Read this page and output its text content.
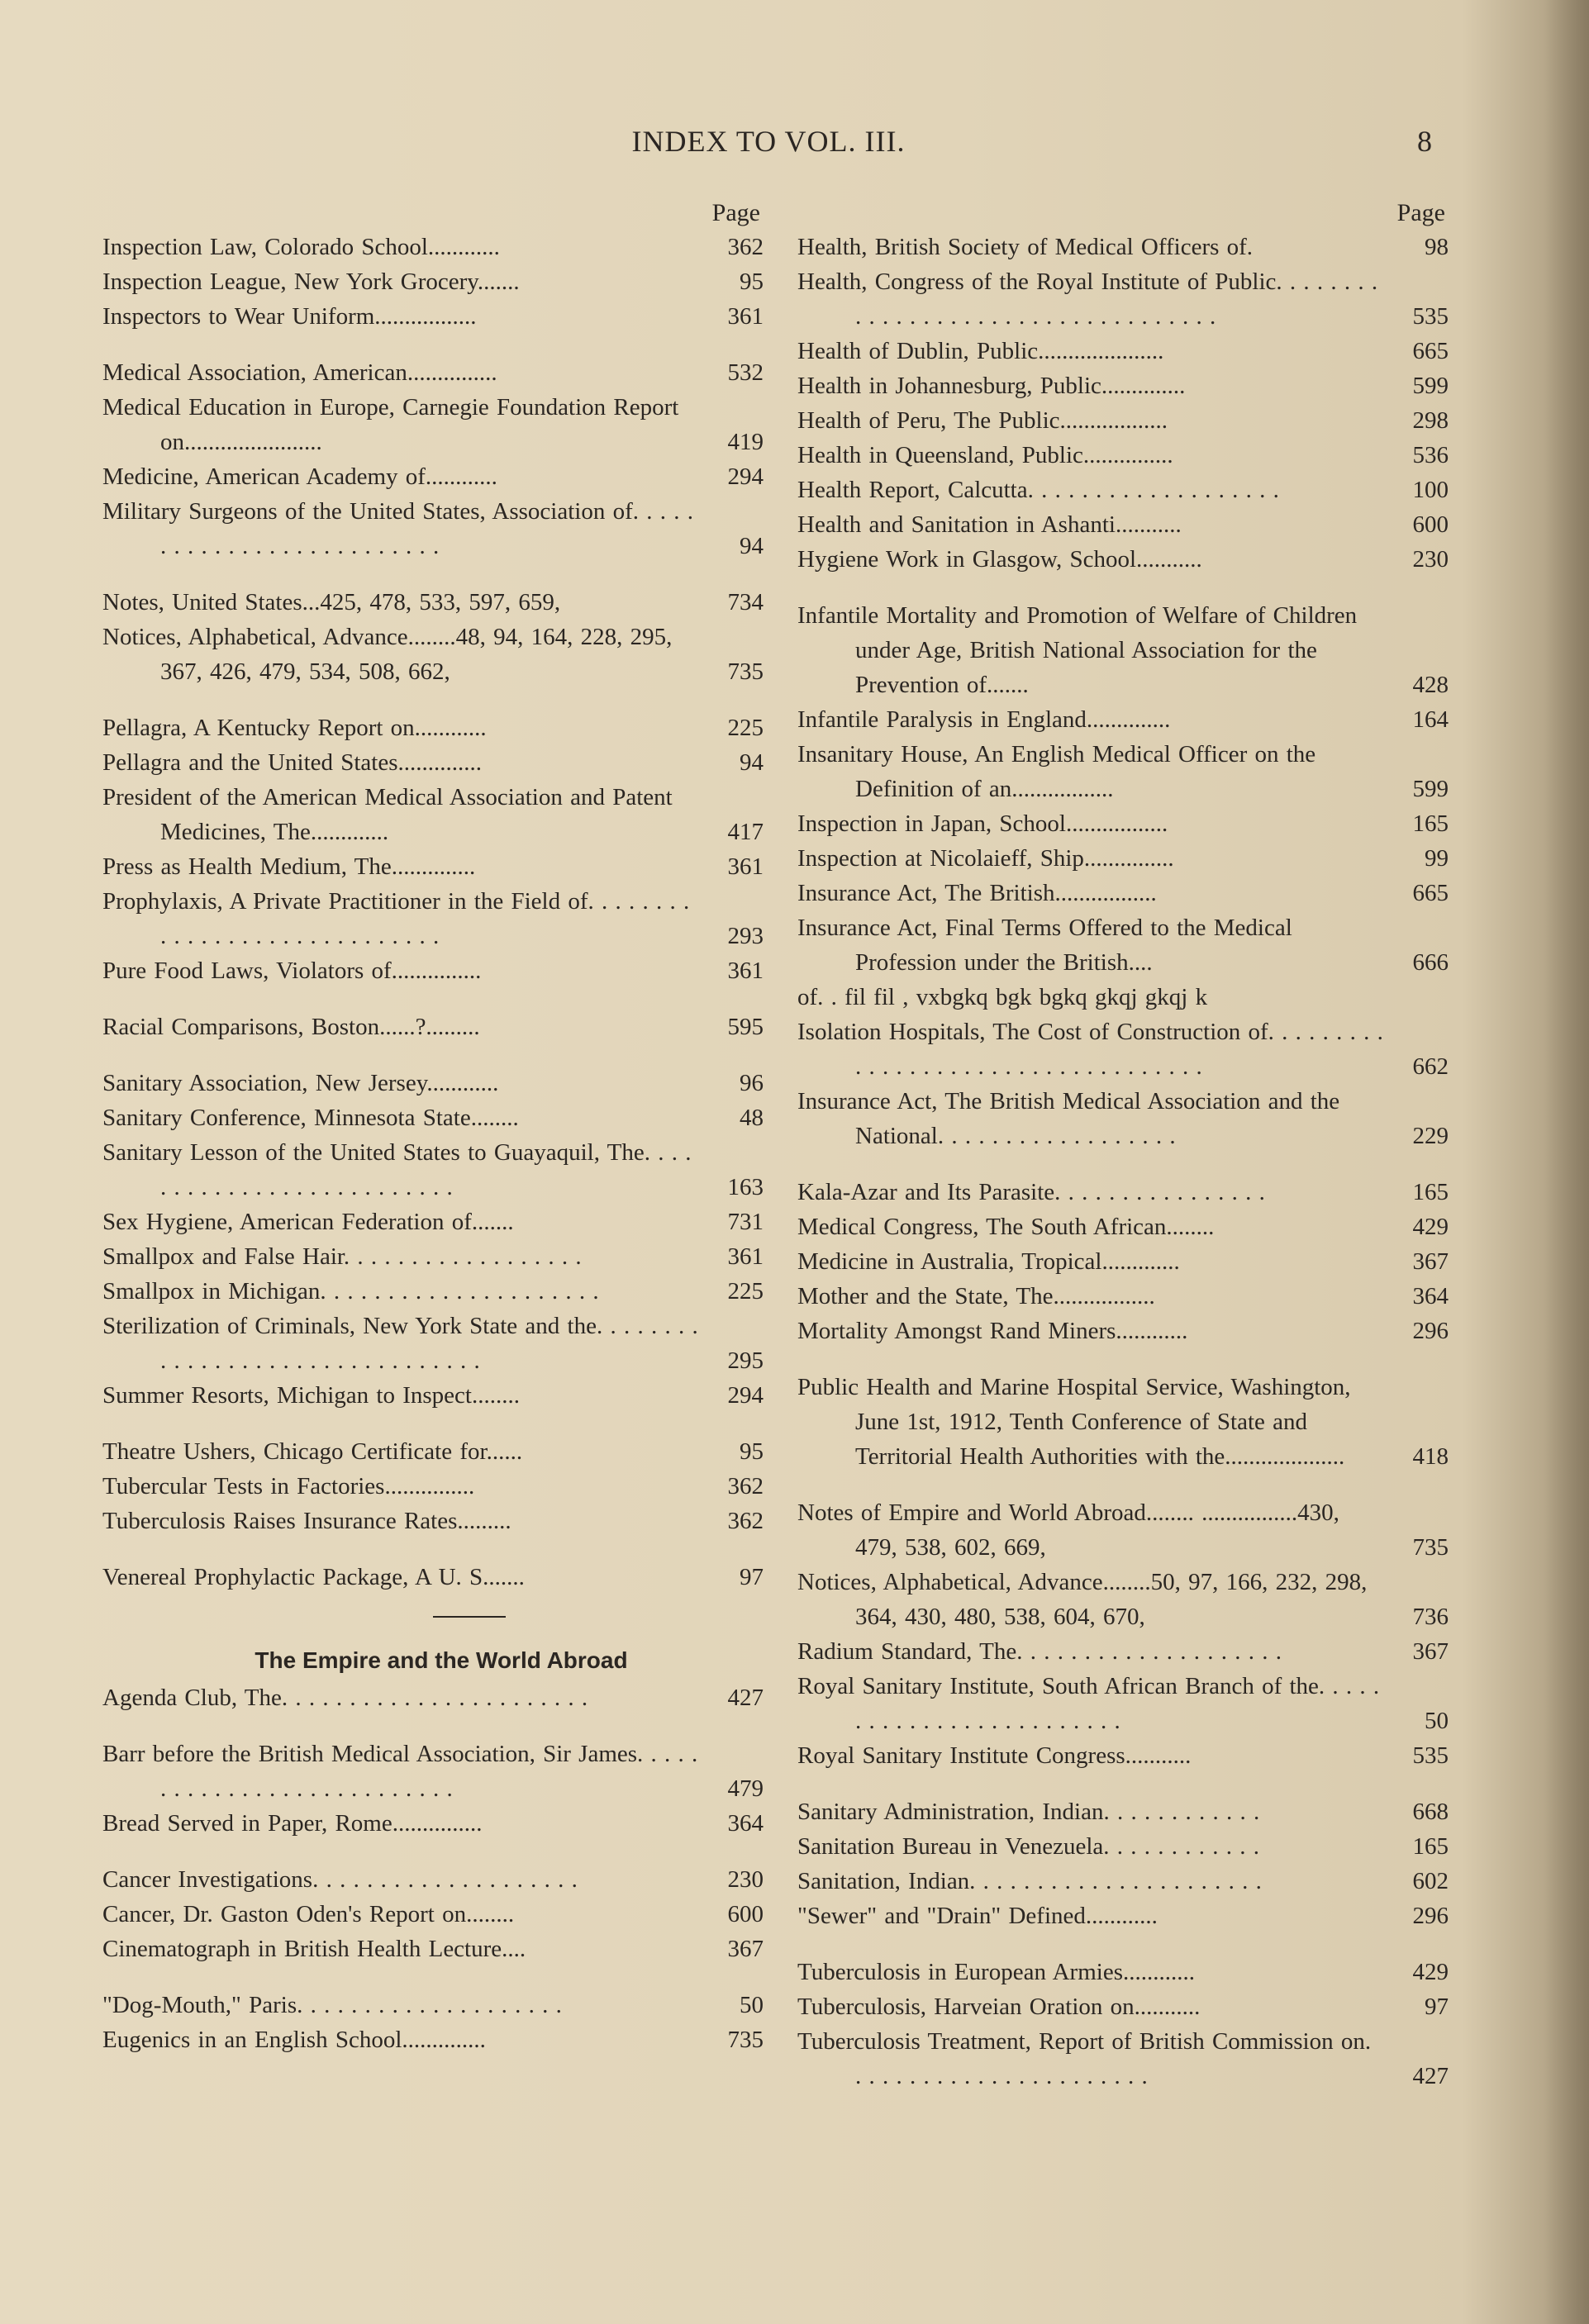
INDEX TO VOL. III.	8
Page
Inspection Law, Colorado School............	362
Inspection League, New York Grocery.......	95
Inspectors to Wear Uniform.................	361
Medical Association, American...............	532
Medical Education in Europe, Carnegie Foundation Report on.......................	419
Medicine, American Academy of............	294
Military Surgeons of the United States, Association of. . . . . . . . . . . . . . . . . . . . . . . . . .	94
Notes, United States...425, 478, 533, 597, 659,	734
Notices, Alphabetical, Advance........48, 94, 164, 228, 295, 367, 426, 479, 534, 508, 662,	735
Pellagra, A Kentucky Report on............	225
Pellagra and the United States..............	94
President of the American Medical Association and Patent Medicines, The.............	417
Press as Health Medium, The..............	361
Prophylaxis, A Private Practitioner in the Field of. . . . . . . . . . . . . . . . . . . . . . . . . . . . .	293
Pure Food Laws, Violators of...............	361
Racial Comparisons, Boston......?.........	595
Sanitary Association, New Jersey............	96
Sanitary Conference, Minnesota State........	48
Sanitary Lesson of the United States to Guayaquil, The. . . . . . . . . . . . . . . . . . . . . . . . . .	163
Sex Hygiene, American Federation of.......	731
Smallpox and False Hair. . . . . . . . . . . . . . . . . .	361
Smallpox in Michigan. . . . . . . . . . . . . . . . . . . . .	225
Sterilization of Criminals, New York State and the. . . . . . . . . . . . . . . . . . . . . . . . . . . . . . . .	295
Summer Resorts, Michigan to Inspect........	294
Theatre Ushers, Chicago Certificate for......	95
Tubercular Tests in Factories...............	362
Tuberculosis Raises Insurance Rates.........	362
Venereal Prophylactic Package, A U. S.......	97
The Empire and the World Abroad
Agenda Club, The. . . . . . . . . . . . . . . . . . . . . . .	427
Barr before the British Medical Association, Sir James. . . . . . . . . . . . . . . . . . . . . . . . . . .	479
Bread Served in Paper, Rome...............	364
Cancer Investigations. . . . . . . . . . . . . . . . . . . .	230
Cancer, Dr. Gaston Oden's Report on........	600
Cinematograph in British Health Lecture....	367
"Dog-Mouth," Paris. . . . . . . . . . . . . . . . . . . .	50
Eugenics in an English School..............	735
Page
Health, British Society of Medical Officers of.	98
Health, Congress of the Royal Institute of Public. . . . . . . . . . . . . . . . . . . . . . . . . . . . . . . . . . .	535
Health of Dublin, Public.....................	665
Health in Johannesburg, Public..............	599
Health of Peru, The Public..................	298
Health in Queensland, Public...............	536
Health Report, Calcutta. . . . . . . . . . . . . . . . . . .	100
Health and Sanitation in Ashanti...........	600
Hygiene Work in Glasgow, School...........	230
Infantile Mortality and Promotion of Welfare of Children under Age, British National Association for the Prevention of.......	428
Infantile Paralysis in England..............	164
Insanitary House, An English Medical Officer on the Definition of an.................	599
Inspection in Japan, School.................	165
Inspection at Nicolaieff, Ship...............	99
Insurance Act, The British.................	665
Insurance Act, Final Terms Offered to the Medical Profession under the British....	666
of. . fil fil , vxbgkq bgk bgkq gkqj gkqj k
Isolation Hospitals, The Cost of Construction of. . . . . . . . . . . . . . . . . . . . . . . . . . . . . . . . . . .	662
Insurance Act, The British Medical Association and the National. . . . . . . . . . . . . . . . . .	229
Kala-Azar and Its Parasite. . . . . . . . . . . . . . . .	165
Medical Congress, The South African........	429
Medicine in Australia, Tropical.............	367
Mother and the State, The.................	364
Mortality Amongst Rand Miners............	296
Public Health and Marine Hospital Service, Washington, June 1st, 1912, Tenth Conference of State and Territorial Health Authorities with the....................	418
Notes of Empire and World Abroad........ ................430, 479, 538, 602, 669,	735
Notices, Alphabetical, Advance........50, 97, 166, 232, 298, 364, 430, 480, 538, 604, 670,	736
Radium Standard, The. . . . . . . . . . . . . . . . . . . .	367
Royal Sanitary Institute, South African Branch of the. . . . . . . . . . . . . . . . . . . . . . . . .	50
Royal Sanitary Institute Congress...........	535
Sanitary Administration, Indian. . . . . . . . . . . .	668
Sanitation Bureau in Venezuela. . . . . . . . . . . .	165
Sanitation, Indian. . . . . . . . . . . . . . . . . . . . . .	602
"Sewer" and "Drain" Defined............	296
Tuberculosis in European Armies............	429
Tuberculosis, Harveian Oration on...........	97
Tuberculosis Treatment, Report of British Commission on. . . . . . . . . . . . . . . . . . . . . . .	427
